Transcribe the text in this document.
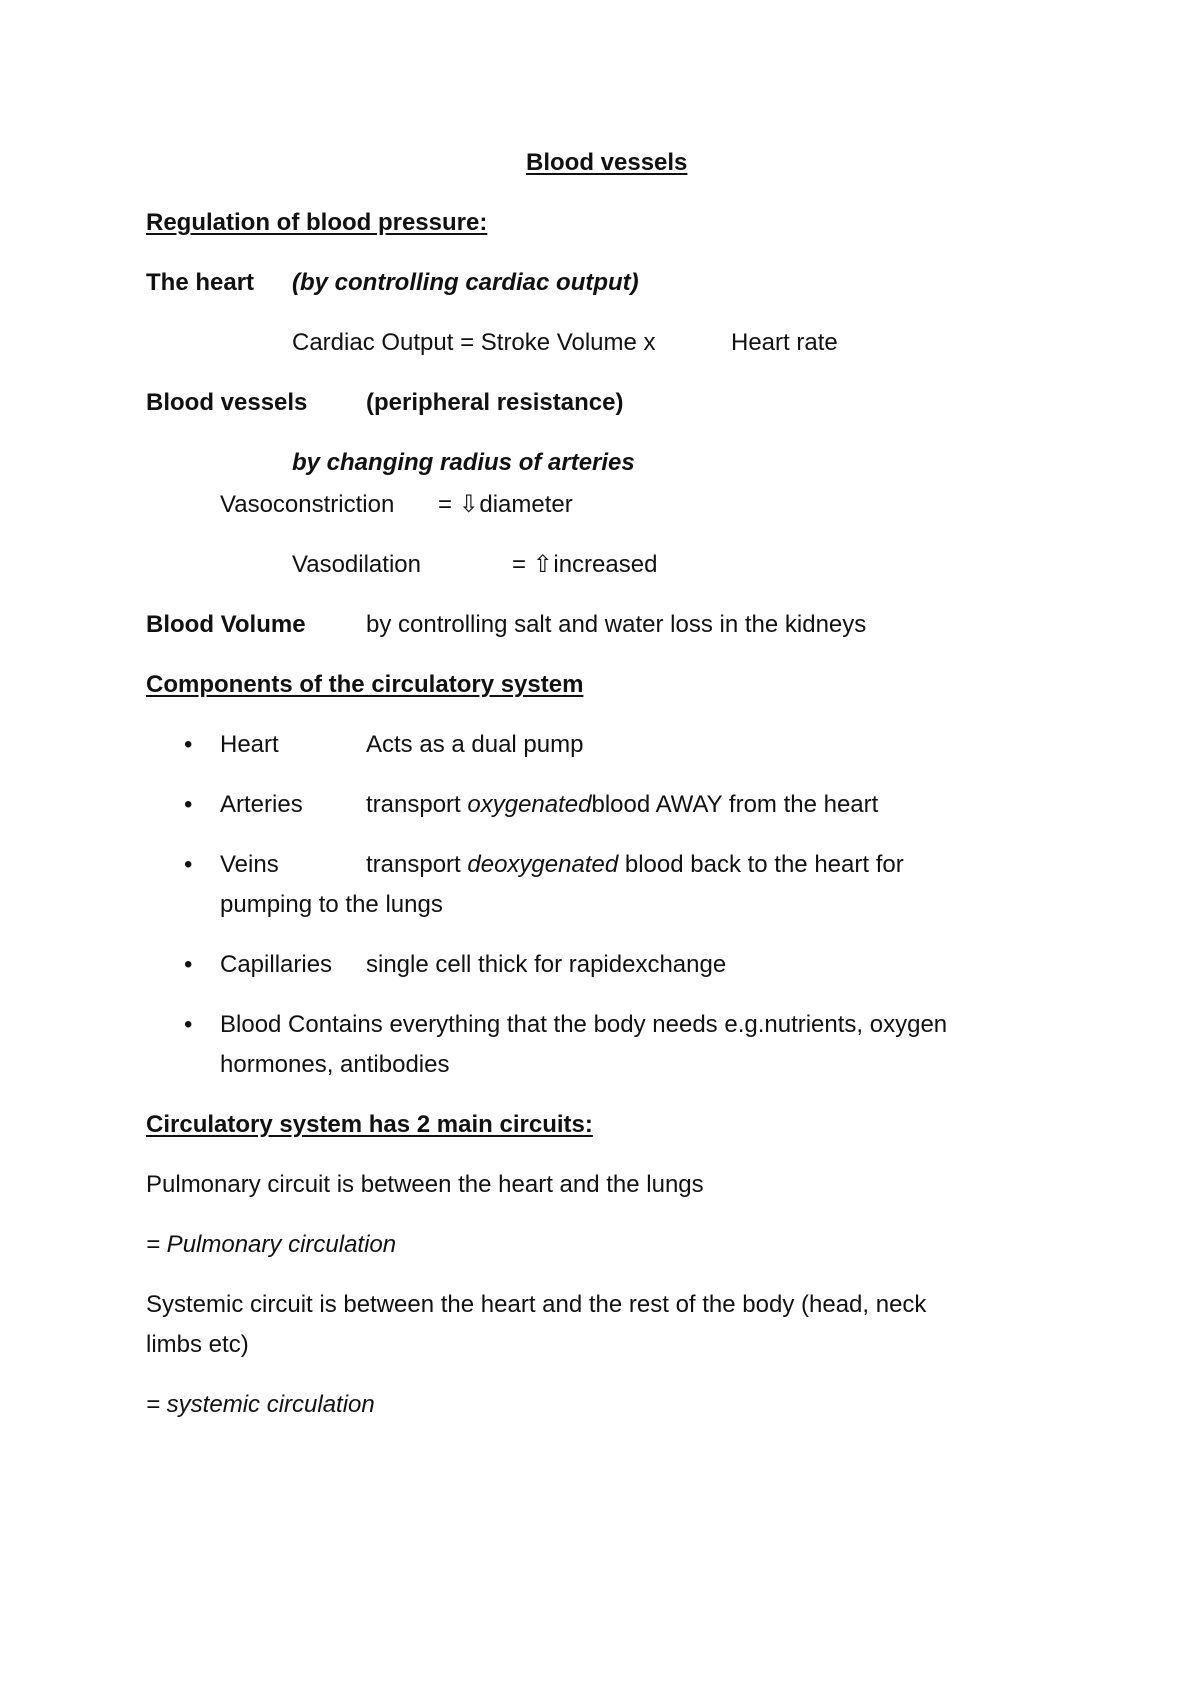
Blood vessels
Regulation of blood pressure:
The heart (by controlling cardiac output)
Cardiac Output = Stroke Volume x	Heart rate
Blood vessels (peripheral resistance)
by changing radius of arteries
Vasoconstriction = ⇩ diameter
Vasodilation	= ⇧ increased
Blood Volume	by controlling salt and water loss in the kidneys
Components of the circulatory system
• Heart	Acts as a dual pump
• Arteries	transport oxygenatedblood AWAY from the heart
• Veins	transport deoxygenated blood back to the heart for
pumping to the lungs
• Capillaries single cell thick for rapidexchange
• Blood Contains everything that the body needs e.g.nutrients, oxygen
hormones, antibodies
Circulatory system has 2 main circuits:
Pulmonary circuit is between the heart and the lungs
= Pulmonary circulation
Systemic circuit is between the heart and the rest of the body (head, neck
limbs etc)
= systemic circulation
